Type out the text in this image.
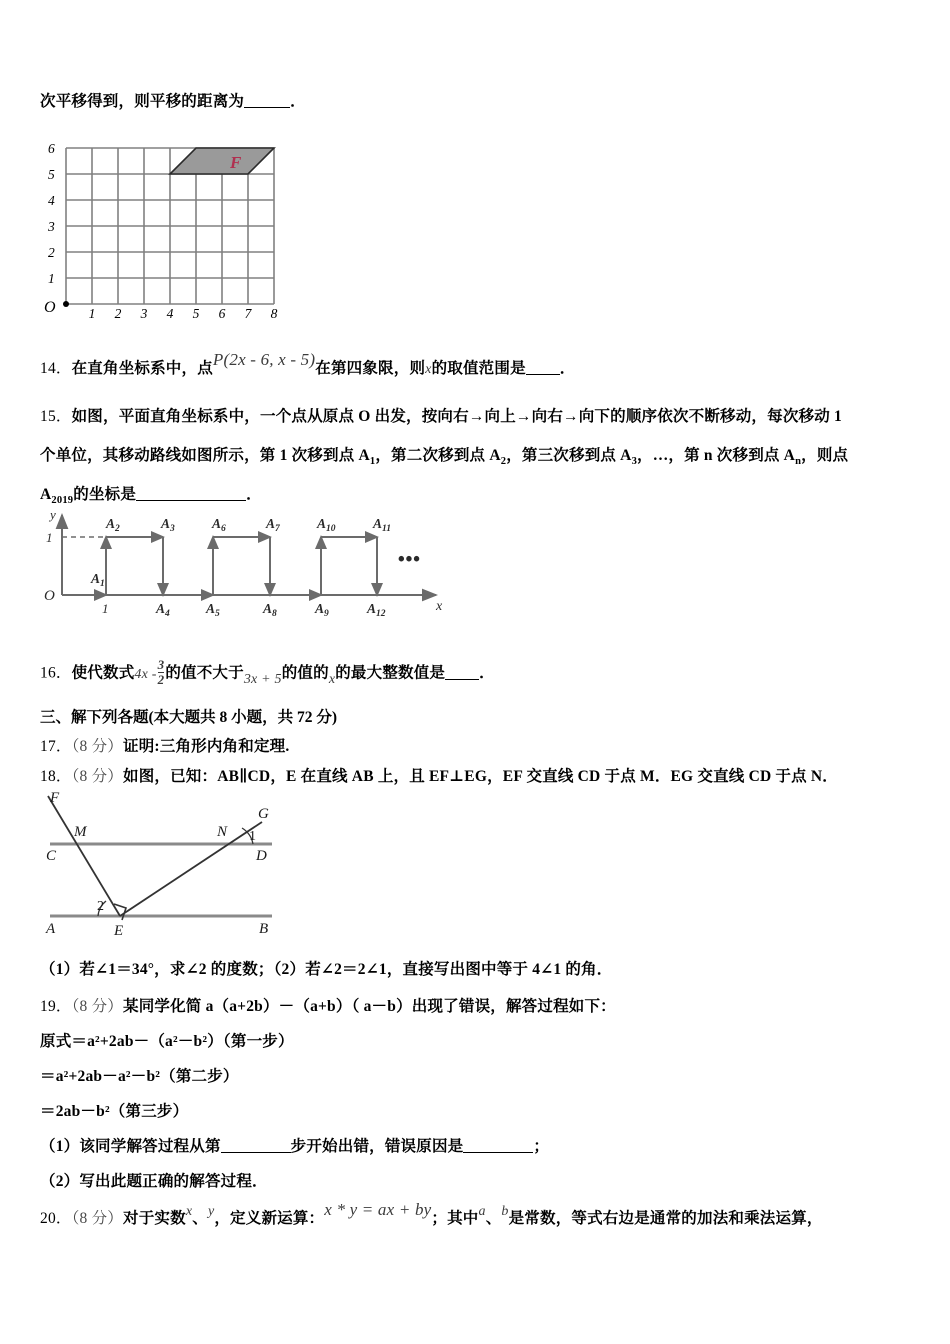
次平移得到，则平移的距离为	．
F
6
5
4
3
2
1
O 1 2 3 4 5 6 7 8
14．在直角坐标系中，点P(2x - 6, x - 5)在第四象限，则x的取值范围是 ．
15．如图，平面直角坐标系中，一个点从原点 O 出发，按向右→向上→向右→向下的顺序依次不断移动，每次移动 1
个单位，其移动路线如图所示，第 1 次移到点 $A_1$，第二次移到点 $A_2$，第三次移到点 $A_3$，…，第 n 次移到点 $A_n$，则点
$A_{2019}$的坐标是	．
•••
y
x
O
1
1
$A_1$
$A_2$	$A_3$
$A_4$	$A_5$
$A_6$	$A_7$
$A_8$	$A_9$
$A_{10}$	$A_{11}$
$A_{12}$
16．使代数式$4x - \frac{3}{2}$ 的值不大于3x + 5的值的x的最大整数值是 ．
三、解下列各题(本大题共 8 小题，共 72 分)
17．（8 分）证明:三角形内角和定理.
18．（8 分）如图，已知：AB∥CD，E 在直线 AB 上，且 EF⊥EG，EF 交直线 CD 于点 M．EG 交直线 CD 于点 N．
F
M
C
N
G
D
A	E	B
2
1
（1）若∠1＝34°，求∠2 的度数；（2）若∠2＝2∠1，直接写出图中等于 4∠1 的角．
19．（8 分）某同学化简 a（a+2b）－（a+b）（ a－b）出现了错误，解答过程如下：
原式＝a²+2ab－（a²－b²）（第一步）
＝a²+2ab－a²－b²（第二步）
＝2ab－b²（第三步）
（1）该同学解答过程从第	步开始出错，错误原因是	；
（2）写出此题正确的解答过程．
20．（8 分）对于实数x、y，定义新运算：x * y = ax + by；其中a、b是常数，等式右边是通常的加法和乘法运算，
